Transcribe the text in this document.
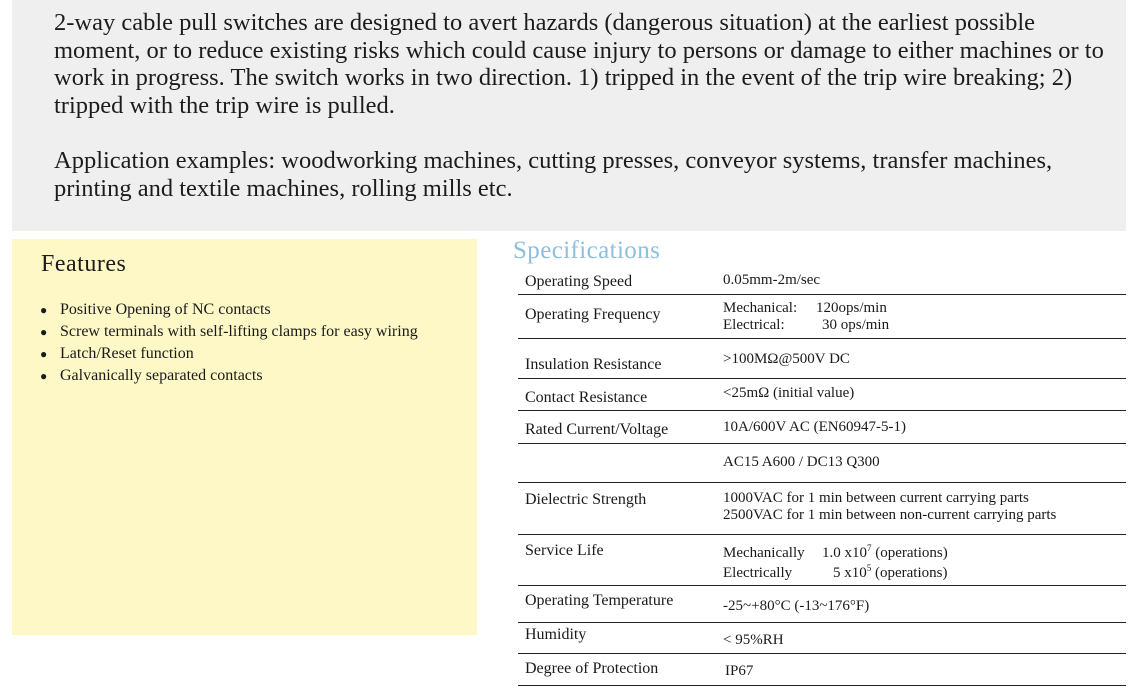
2-way cable pull switches are designed to avert hazards (dangerous situation) at the earliest possible moment, or to reduce existing risks which could cause injury to persons or damage to either machines or to work in progress. The switch works in two direction. 1) tripped in the event of the trip wire breaking; 2) tripped with the trip wire is pulled.

Application examples: woodworking machines, cutting presses, conveyor systems, transfer machines, printing and textile machines, rolling mills etc.

Features
● Positive Opening of NC contacts
● Screw terminals with self-lifting clamps for easy wiring
● Latch/Reset function
● Galvanically separated contacts
Specifications
Operating Speed	0.05mm-2m/sec
Operating Frequency	Mechanical: 120ops/min
Electrical: 30 ops/min
Insulation Resistance	>100MΩ@500V DC
Contact Resistance	<25mΩ (initial value)
Rated Current/Voltage	10A/600V AC (EN60947-5-1)
AC15 A600 / DC13 Q300
Dielectric Strength	1000VAC for 1 min between current carrying parts
2500VAC for 1 min between non-current carrying parts
Service Life	Mechanically 1.0 $x10^7$ (operations)
Electrically	5 $x10^5$ (operations)
Operating Temperature	-25~+80°C (-13~176°F)
Humidity	< 95%RH
Degree of Protection	IP67
